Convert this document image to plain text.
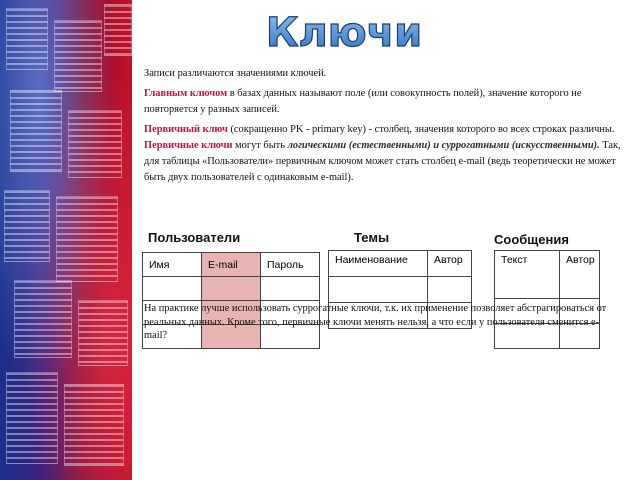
Ключи

Записи различаются значениями ключей.

Главным ключом в базах данных называют поле (или совокупность полей), значение которого не повторяется у разных записей.

Первичный ключ (сокращенно PK - primary key) - столбец, значения которого во всех строках различны. Первичные ключи могут быть логическими (естественными) и суррогатными (искусственными). Так, для таблицы «Пользователи» первичным ключом может стать столбец e-mail (ведь теоретически не может быть двух пользователей с одинаковым e-mail).

Пользователи	Темы	Сообщения
Имя	E-mail	Пароль

			Наименование	Автор

		Текст	Автор

На практике лучше использовать суррогатные ключи, т.к. их применение позволяет абстрагироваться от реальных данных. Кроме того, первичные ключи менять нельзя, а что если у пользователя сменится e-mail?
